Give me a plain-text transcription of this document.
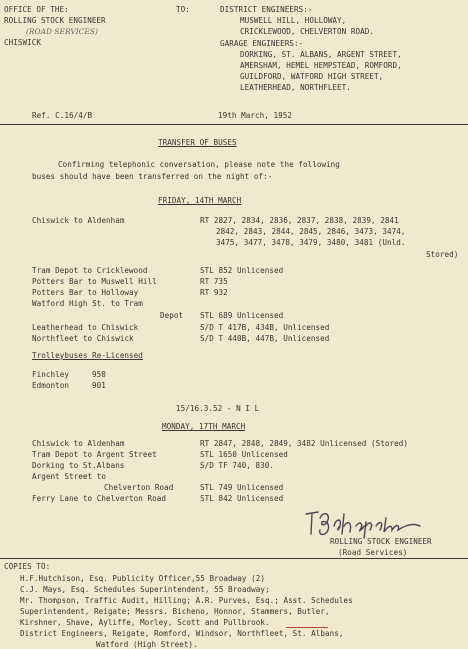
OFFICE OF THE:
ROLLING STOCK ENGINEER
(ROAD SERVICES)
CHISWICK
TO:	DISTRICT ENGINEERS:-
MUSWELL HILL, HOLLOWAY,
CRICKLEWOOD, CHELVERTON ROAD.
GARAGE ENGINEERS:-
DORKING, ST. ALBANS, ARGENT STREET,
AMERSHAM, HEMEL HEMPSTEAD, ROMFORD,
GUILDFORD, WATFORD HIGH STREET,
LEATHERHEAD, NORTHFLEET.
Ref. C.16/4/B	19th March, 1952
TRANSFER OF BUSES
Confirming telephonic conversation, please note the following
buses should have been transferred on the night of:-
FRIDAY, 14TH MARCH
Chiswick to Aldenham	RT 2827, 2834, 2836, 2837, 2838, 2839, 2841
2842, 2843, 2844, 2845, 2846, 3473, 3474,
3475, 3477, 3478, 3479, 3480, 3481 (Unld.
Stored)
Tram Depot to Cricklewood	STL 852 Unlicensed
Potters Bar to Muswell Hill	RT 735
Potters Bar to Holloway	RT 932
Watford High St. to Tram
Depot STL 689 Unlicensed
Leatherhead to Chiswick	S/D T 417B, 434B, Unlicensed
Northfleet to Chiswick	S/D T 440B, 447B, Unlicensed
Trolleybuses Re-Licensed
Finchley	950
Edmonton	901
15/16.3.52 - N I L
MONDAY, 17TH MARCH
Chiswick to Aldenham	RT 2847, 2848, 2849, 3482 Unlicensed (Stored)
Tram Depot to Argent Street	STL 1650 Unlicensed
Dorking to St.Albans	S/D TF 740, 830.
Argent Street to
Chelverton Road	STL 749 Unlicensed
Ferry Lane to Chelverton Road	STL 842 Unlicensed
ROLLING STOCK ENGINEER
(Road Services)
COPIES TO:
H.F.Hutchison, Esq. Publicity Officer,55 Broadway (2)
C.J. Mays, Esq. Schedules Superintendent, 55 Broadway;
Mr. Thompson, Traffic Audit, Hilling; A.R. Purves, Esq.; Asst. Schedules
Superintendent, Reigate; Messrs. Bicheno, Honnor, Stammers, Butler,
Kirshner, Shave, Ayliffe, Morley, Scott and Pullbrook.
District Engineers, Reigate, Romford, Windsor, Northfleet, St. Albans,
Watford (High Street).
